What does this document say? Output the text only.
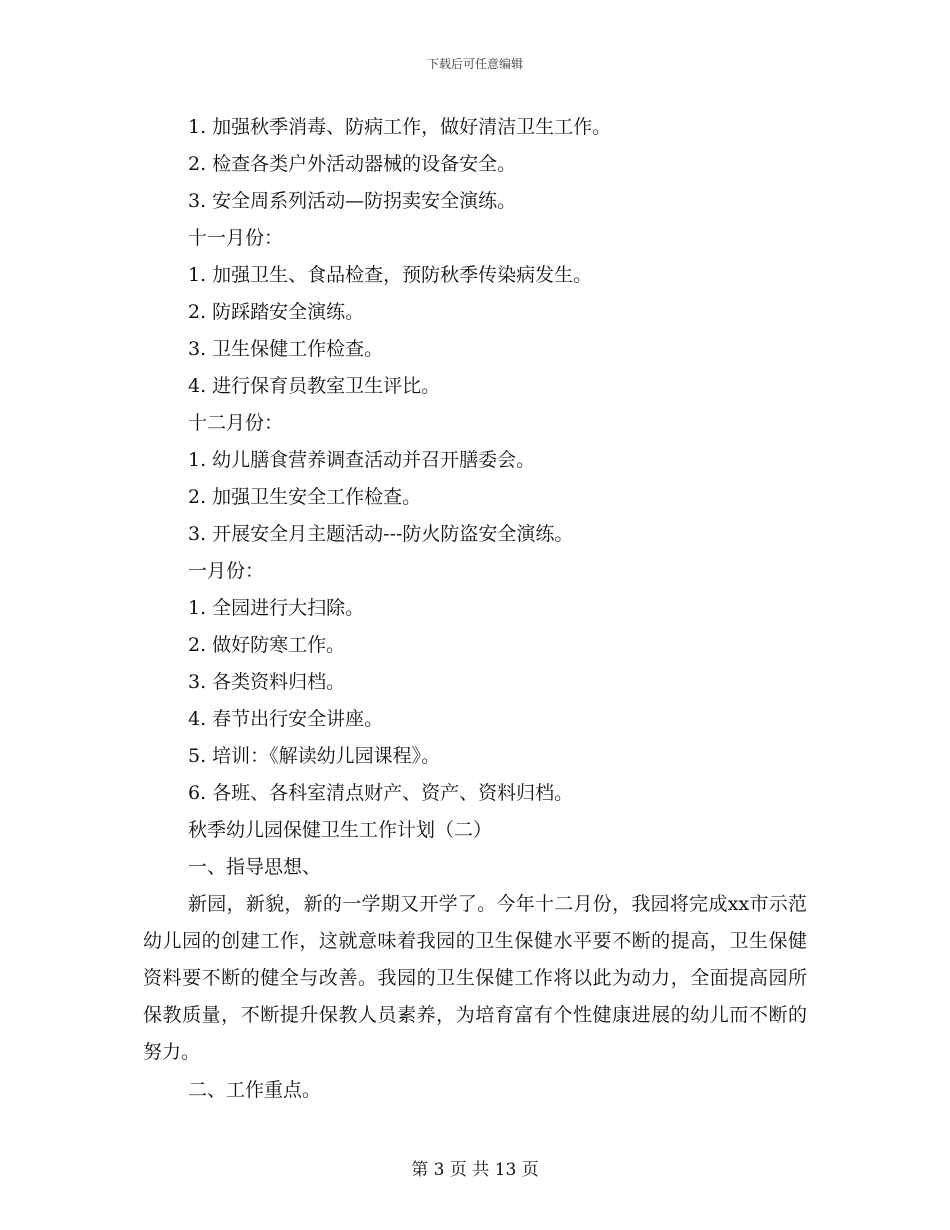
下载后可任意编辑
1. 加强秋季消毒、防病工作，做好清洁卫生工作。
2. 检查各类户外活动器械的设备安全。
3. 安全周系列活动—防拐卖安全演练。
十一月份：
1. 加强卫生、食品检查，预防秋季传染病发生。
2. 防踩踏安全演练。
3. 卫生保健工作检查。
4. 进行保育员教室卫生评比。
十二月份：
1. 幼儿膳食营养调查活动并召开膳委会。
2. 加强卫生安全工作检查。
3. 开展安全月主题活动---防火防盗安全演练。
一月份：
1. 全园进行大扫除。
2. 做好防寒工作。
3. 各类资料归档。
4. 春节出行安全讲座。
5. 培训：《解读幼儿园课程》。
6. 各班、各科室清点财产、资产、资料归档。
秋季幼儿园保健卫生工作计划（二）
一、指导思想、
新园，新貌，新的一学期又开学了。今年十二月份，我园将完成xx市示范幼儿园的创建工作，这就意味着我园的卫生保健水平要不断的提高，卫生保健资料要不断的健全与改善。我园的卫生保健工作将以此为动力，全面提高园所保教质量，不断提升保教人员素养，为培育富有个性健康进展的幼儿而不断的努力。
二、工作重点。
第 3 页 共 13 页
